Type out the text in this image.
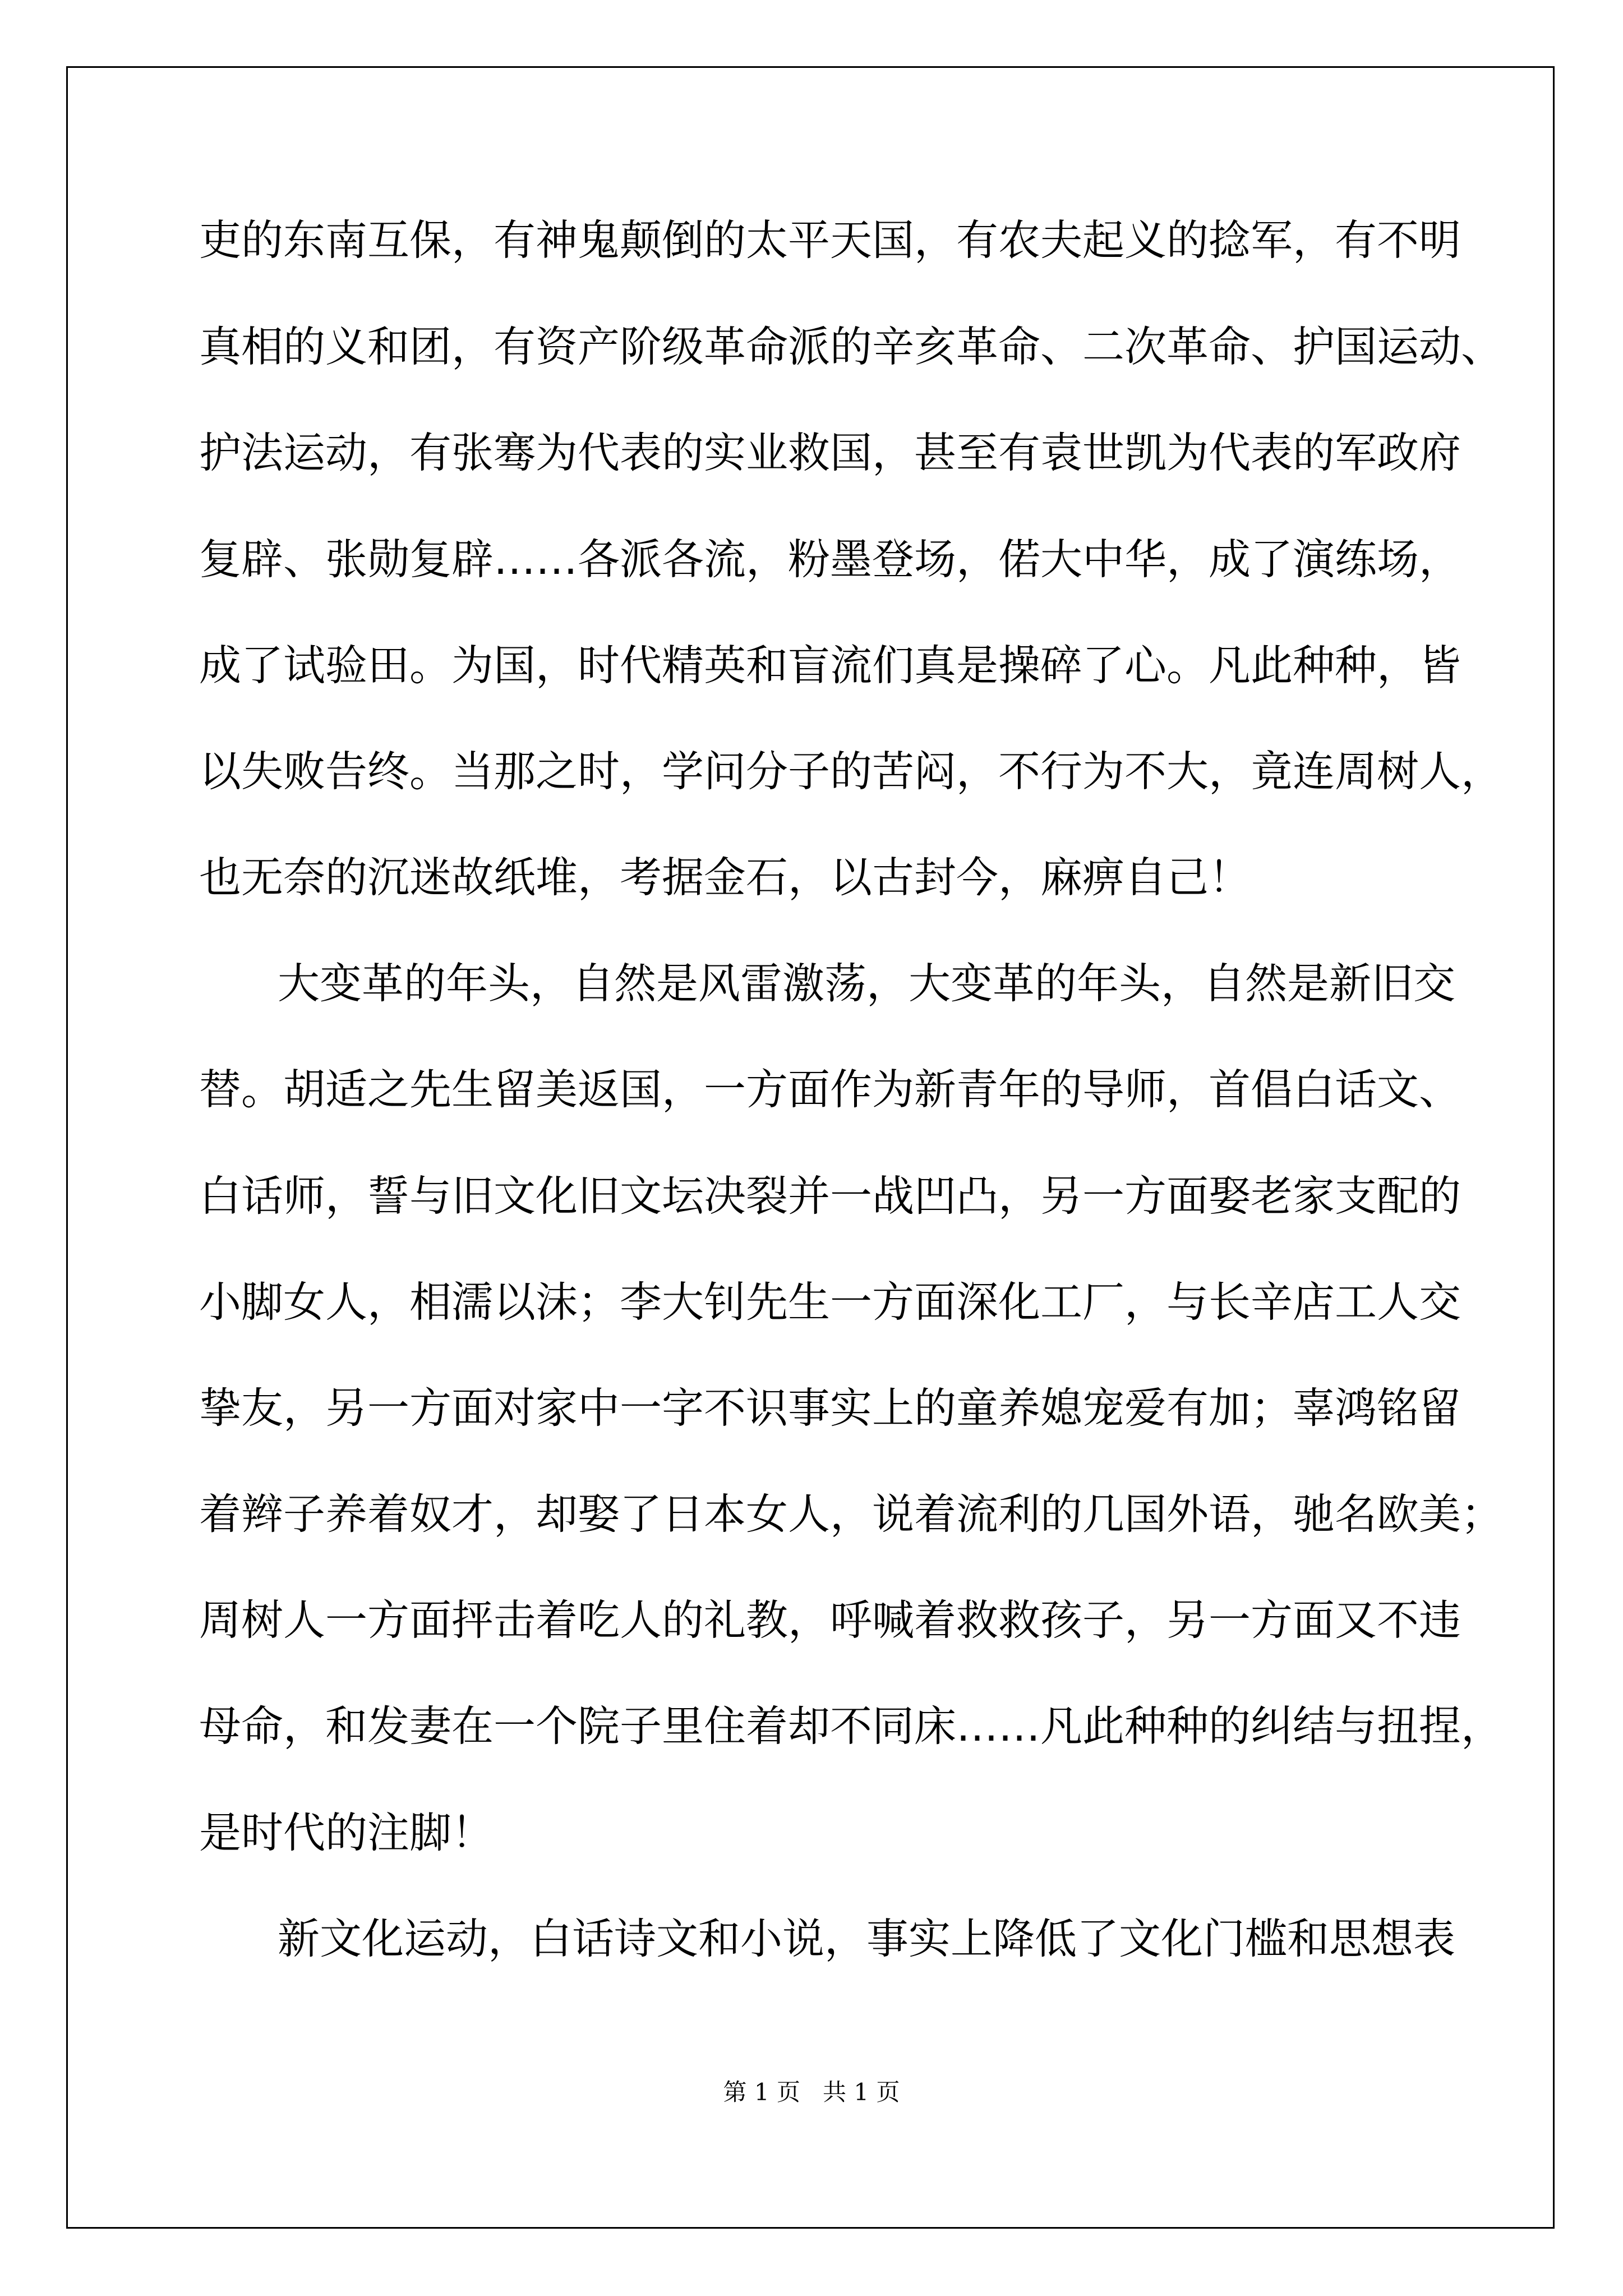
吏的东南互保，有神鬼颠倒的太平天国，有农夫起义的捻军，有不明
真相的义和团，有资产阶级革命派的辛亥革命、二次革命、护国运动、
护法运动，有张骞为代表的实业救国，甚至有袁世凯为代表的军政府
复辟、张勋复辟……各派各流，粉墨登场，偌大中华，成了演练场，
成了试验田。为国，时代精英和盲流们真是操碎了心。凡此种种，皆
以失败告终。当那之时，学问分子的苦闷，不行为不大，竟连周树人，
也无奈的沉迷故纸堆，考据金石，以古封今，麻痹自己！
大变革的年头，自然是风雷激荡，大变革的年头，自然是新旧交
替。胡适之先生留美返国，一方面作为新青年的导师，首倡白话文、
白话师，誓与旧文化旧文坛决裂并一战凹凸，另一方面娶老家支配的
小脚女人，相濡以沫；李大钊先生一方面深化工厂，与长辛店工人交
挚友，另一方面对家中一字不识事实上的童养媳宠爱有加；辜鸿铭留
着辫子养着奴才，却娶了日本女人，说着流利的几国外语，驰名欧美；
周树人一方面抨击着吃人的礼教，呼喊着救救孩子，另一方面又不违
母命，和发妻在一个院子里住着却不同床……凡此种种的纠结与扭捏，
是时代的注脚！
新文化运动，白话诗文和小说，事实上降低了文化门槛和思想表
第 1 页   共 1 页
